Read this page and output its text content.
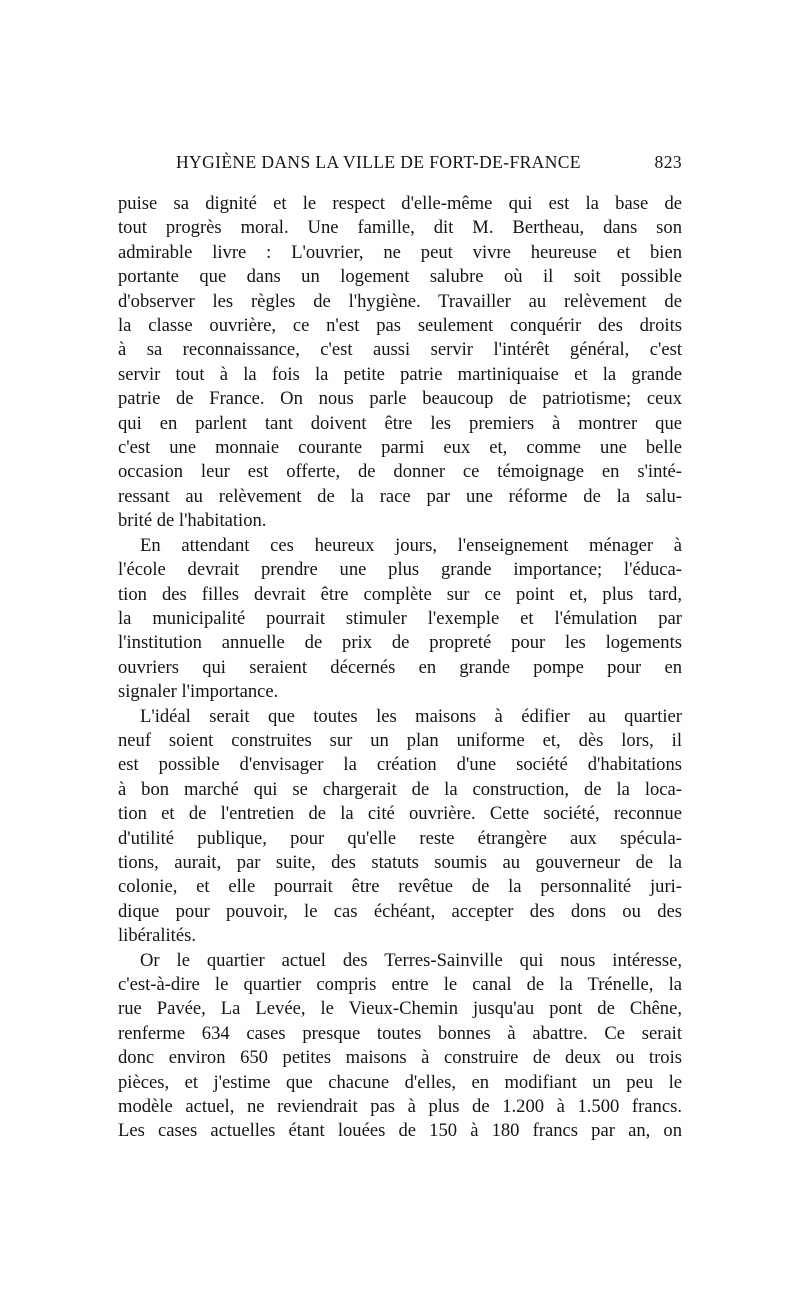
HYGIÈNE DANS LA VILLE DE FORT-DE-FRANCE	823
puise sa dignité et le respect d'elle-même qui est la base de
tout progrès moral. Une famille, dit M. Bertheau, dans son
admirable livre : L'ouvrier, ne peut vivre heureuse et bien
portante que dans un logement salubre où il soit possible
d'observer les règles de l'hygiène. Travailler au relèvement de
la classe ouvrière, ce n'est pas seulement conquérir des droits
à sa reconnaissance, c'est aussi servir l'intérêt général, c'est
servir tout à la fois la petite patrie martiniquaise et la grande
patrie de France. On nous parle beaucoup de patriotisme; ceux
qui en parlent tant doivent être les premiers à montrer que
c'est une monnaie courante parmi eux et, comme une belle
occasion leur est offerte, de donner ce témoignage en s'inté-
ressant au relèvement de la race par une réforme de la salu-
brité de l'habitation.
En attendant ces heureux jours, l'enseignement ménager à
l'école devrait prendre une plus grande importance; l'éduca-
tion des filles devrait être complète sur ce point et, plus tard,
la municipalité pourrait stimuler l'exemple et l'émulation par
l'institution annuelle de prix de propreté pour les logements
ouvriers qui seraient décernés en grande pompe pour en
signaler l'importance.
L'idéal serait que toutes les maisons à édifier au quartier
neuf soient construites sur un plan uniforme et, dès lors, il
est possible d'envisager la création d'une société d'habitations
à bon marché qui se chargerait de la construction, de la loca-
tion et de l'entretien de la cité ouvrière. Cette société, reconnue
d'utilité publique, pour qu'elle reste étrangère aux spécula-
tions, aurait, par suite, des statuts soumis au gouverneur de la
colonie, et elle pourrait être revêtue de la personnalité juri-
dique pour pouvoir, le cas échéant, accepter des dons ou des
libéralités.
Or le quartier actuel des Terres-Sainville qui nous intéresse,
c'est-à-dire le quartier compris entre le canal de la Trénelle, la
rue Pavée, La Levée, le Vieux-Chemin jusqu'au pont de Chêne,
renferme 634 cases presque toutes bonnes à abattre. Ce serait
donc environ 650 petites maisons à construire de deux ou trois
pièces, et j'estime que chacune d'elles, en modifiant un peu le
modèle actuel, ne reviendrait pas à plus de 1.200 à 1.500 francs.
Les cases actuelles étant louées de 150 à 180 francs par an, on
